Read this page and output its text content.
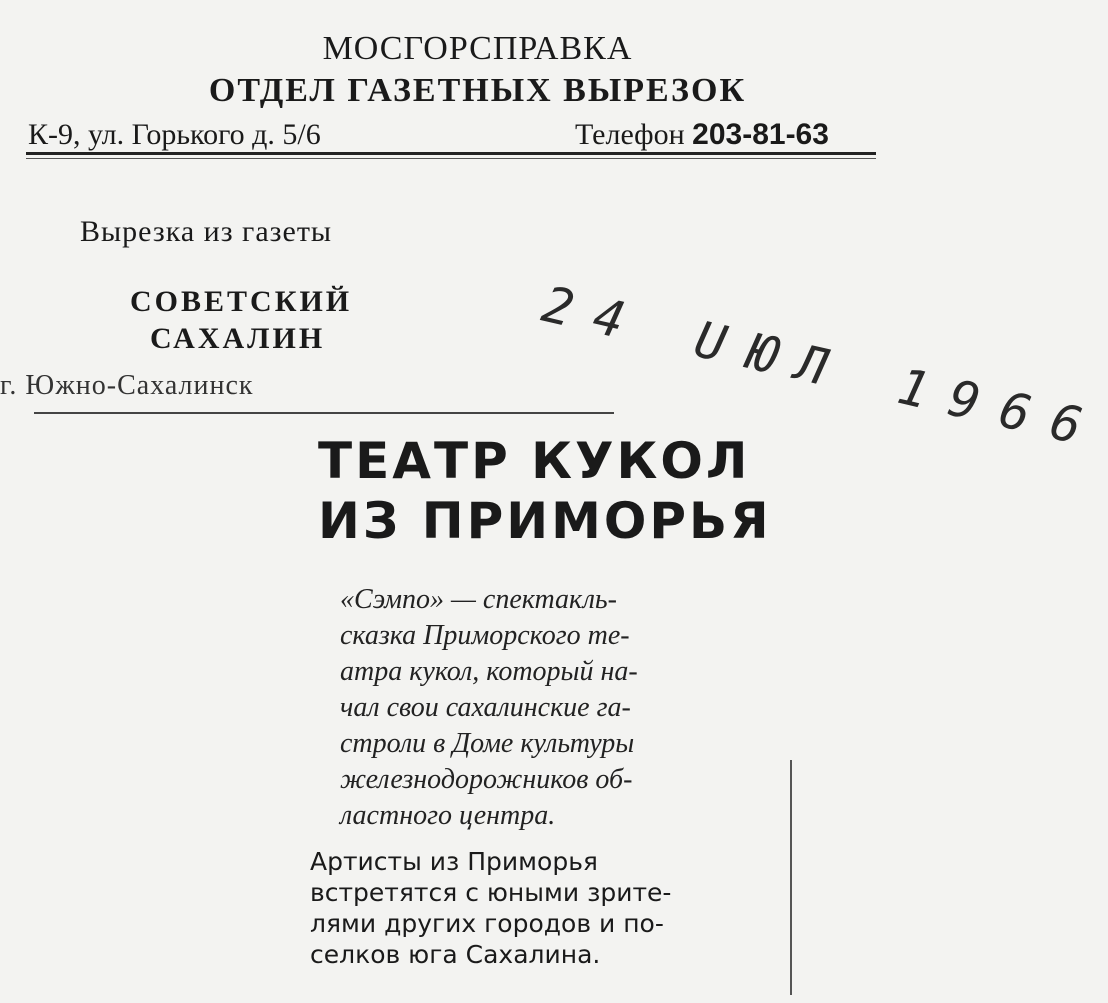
МОСГОРСПРАВКА
ОТДЕЛ ГАЗЕТНЫХ ВЫРЕЗОК
К-9, ул. Горького д. 5/6	Телефон 203-81-63
Вырезка из газеты
СОВЕТСКИЙ
САХАЛИН
г. Южно-Сахалинск	24 UЮЛ 1966
ТЕАТР КУКОЛ
ИЗ ПРИМОРЬЯ
«Сэмпо» — спектакль-
сказка Приморского те-
атра кукол, который на-
чал свои сахалинские га-
строли в Доме культуры
железнодорожников об-
ластного центра.
Артисты из Приморья
встретятся с юными зрите-
лями других городов и по-
селков юга Сахалина.
